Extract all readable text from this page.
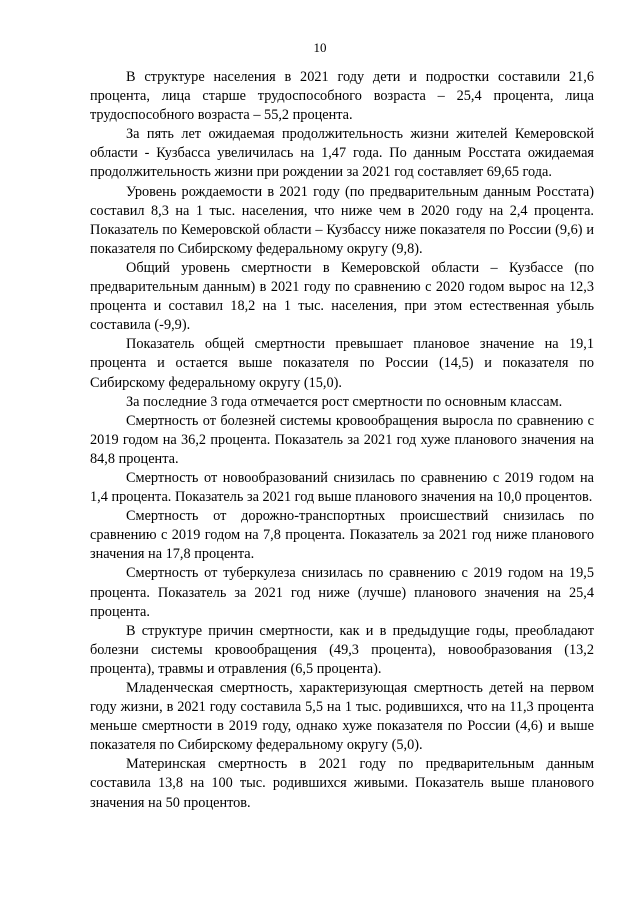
10

В структуре населения в 2021 году дети и подростки составили 21,6 процента, лица старше трудоспособного возраста – 25,4 процента, лица трудоспособного возраста – 55,2 процента.

За пять лет ожидаемая продолжительность жизни жителей Кемеровской области - Кузбасса увеличилась на 1,47 года. По данным Росстата ожидаемая продолжительность жизни при рождении за 2021 год составляет 69,65 года.

Уровень рождаемости в 2021 году (по предварительным данным Росстата) составил 8,3 на 1 тыс. населения, что ниже чем в 2020 году на 2,4 процента. Показатель по Кемеровской области – Кузбассу ниже показателя по России (9,6) и показателя по Сибирскому федеральному округу (9,8).

Общий уровень смертности в Кемеровской области – Кузбассе (по предварительным данным) в 2021 году по сравнению с 2020 годом вырос на 12,3 процента и составил 18,2 на 1 тыс. населения, при этом естественная убыль составила (-9,9).

Показатель общей смертности превышает плановое значение на 19,1 процента и остается выше показателя по России (14,5) и показателя по Сибирскому федеральному округу (15,0).

За последние 3 года отмечается рост смертности по основным классам.

Смертность от болезней системы кровообращения выросла по сравнению с 2019 годом на 36,2 процента. Показатель за 2021 год хуже планового значения на 84,8 процента.

Смертность от новообразований снизилась по сравнению с 2019 годом на 1,4 процента. Показатель за 2021 год выше планового значения на 10,0 процентов.

Смертность от дорожно-транспортных происшествий снизилась по сравнению с 2019 годом на 7,8 процента. Показатель за 2021 год ниже планового значения на 17,8 процента.

Смертность от туберкулеза снизилась по сравнению с 2019 годом на 19,5 процента. Показатель за 2021 год ниже (лучше) планового значения на 25,4 процента.

В структуре причин смертности, как и в предыдущие годы, преобладают болезни системы кровообращения (49,3 процента), новообразования (13,2 процента), травмы и отравления (6,5 процента).

Младенческая смертность, характеризующая смертность детей на первом году жизни, в 2021 году составила 5,5 на 1 тыс. родившихся, что на 11,3 процента меньше смертности в 2019 году, однако хуже показателя по России (4,6) и выше показателя по Сибирскому федеральному округу (5,0).

Материнская смертность в 2021 году по предварительным данным составила 13,8 на 100 тыс. родившихся живыми. Показатель выше планового значения на 50 процентов.
